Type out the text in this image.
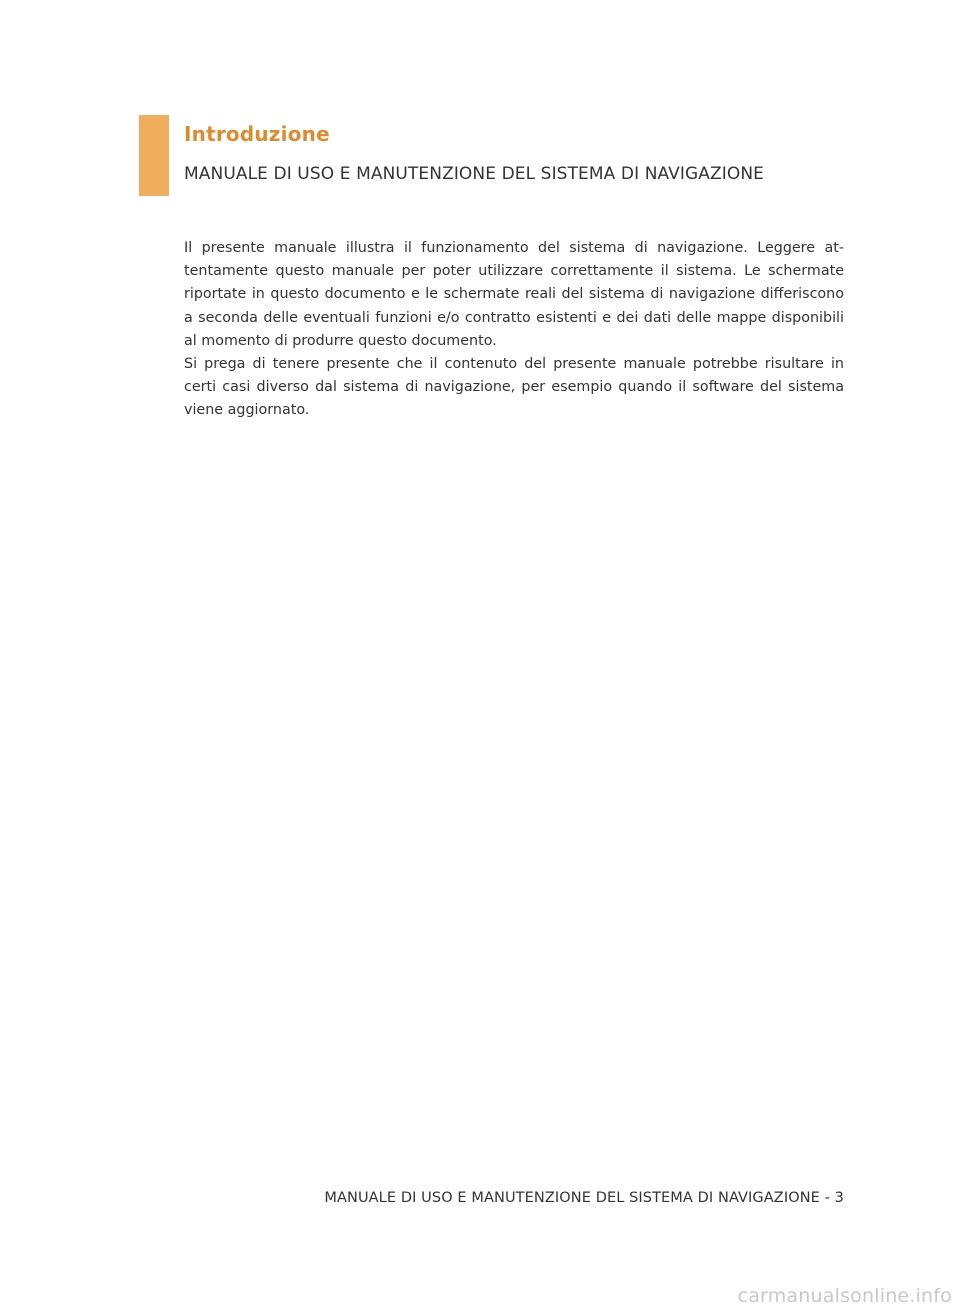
Introduzione
MANUALE DI USO E MANUTENZIONE DEL SISTEMA DI NAVIGAZIONE

Il presente manuale illustra il funzionamento del sistema di navigazione. Leggere attentamente questo manuale per poter utilizzare correttamente il sistema. Le schermate riportate in questo documento e le schermate reali del sistema di navigazione differiscono a seconda delle eventuali funzioni e/o contratto esistenti e dei dati delle mappe disponibili al momento di produrre questo documento.

Si prega di tenere presente che il contenuto del presente manuale potrebbe risultare in certi casi diverso dal sistema di navigazione, per esempio quando il software del sistema viene aggiornato.

MANUALE DI USO E MANUTENZIONE DEL SISTEMA DI NAVIGAZIONE - 3
carmanualsonline.info
